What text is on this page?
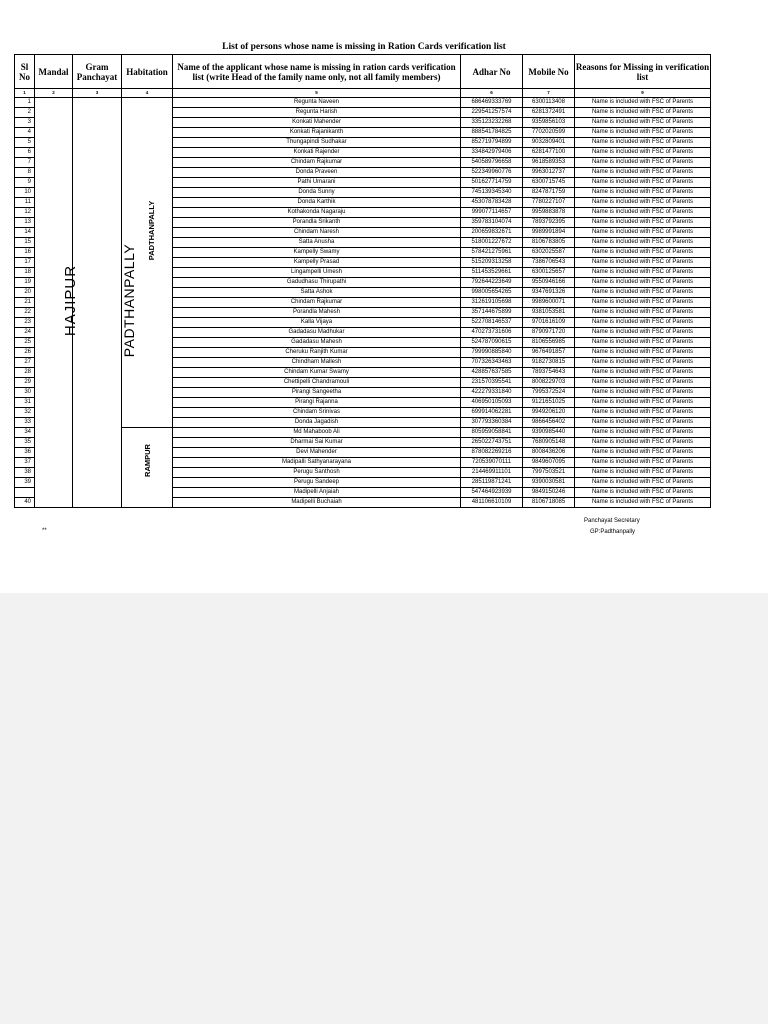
List of persons whose name is missing in Ration Cards verification list
Sl No	Mandal	Gram Panchayat	Habitation	Name of the applicant whose name is missing in ration cards verification list (write Head of the family name only, not all family members)	Adhar No	Mobile No	Reasons for Missing in verification list
1	2	3	4	5	6	7	9
1	HAJIPUR	PADTHANPALLY	PADTHANPALLY	Regunta Naveen	686469333769	6300113408	Name is included with FSC of Parents
2				Regunta Harish	229541257574	6281372491	Name is included with FSC of Parents
3				Konkati Mahender	335123232268	9359856103	Name is included with FSC of Parents
4				Konkati Rajanikanth	888541784825	7702020599	Name is included with FSC of Parents
5				Thungapindi Sudhakar	852719794899	9032809401	Name is included with FSC of Parents
6				Konkati Rajender	334842979406	6281477100	Name is included with FSC of Parents
7				Chindam Rajkumar	540589796658	9618589353	Name is included with FSC of Parents
8				Donda Praveen	522349960776	9963012737	Name is included with FSC of Parents
9				Pathi Umarani	501627714759	6300715745	Name is included with FSC of Parents
10				Donda Sunny	745139345340	8247871759	Name is included with FSC of Parents
11				Donda Karthik	453078783428	7780227107	Name is included with FSC of Parents
12				Kothakonda Nagaraju	999077114657	9959883878	Name is included with FSC of Parents
13				Porandla Srikanth	359783104074	7893792395	Name is included with FSC of Parents
14				Chindam Naresh	200659832671	9989991894	Name is included with FSC of Parents
15				Satta Anusha	518001227672	8106783805	Name is included with FSC of Parents
16				Kampelly Swamy	578421275961	6302025587	Name is included with FSC of Parents
17				Kampelly Prasad	515209313258	7386706543	Name is included with FSC of Parents
18				Lingampelli Umesh	511453529661	6300125657	Name is included with FSC of Parents
19				Gadudhasu Thirupathi	792644223649	9550946166	Name is included with FSC of Parents
20				Satta Ashok	998005654265	9347691326	Name is included with FSC of Parents
21				Chindam Rajkumar	312619105698	9989600071	Name is included with FSC of Parents
22				Porandla Mahesh	357144675899	9381053581	Name is included with FSC of Parents
23				Kalla Vijaya	522708146537	9701616109	Name is included with FSC of Parents
24				Gadadasu Madhukar	470273731606	8790971720	Name is included with FSC of Parents
25				Gadadasu Mahesh	524787090615	8106556985	Name is included with FSC of Parents
26				Cheruku Ranjith Kumar	799990885840	9676491857	Name is included with FSC of Parents
27				Chindham Mallesh	707326343463	9182730815	Name is included with FSC of Parents
28				Chindam Kumar Swamy	428857637585	7893754643	Name is included with FSC of Parents
29				Chettipelli Chandramouli	231570395541	8008229703	Name is included with FSC of Parents
30				Pirangi Sangeetha	422279331840	7995372524	Name is included with FSC of Parents
31				Pirangi Rajanna	406950105093	9121651025	Name is included with FSC of Parents
32				Chindam Srinivas	699914062281	9949206120	Name is included with FSC of Parents
33				Donda Jagadish	307793360384	9866456402	Name is included with FSC of Parents
34			RAMPUR	Md Mahaboob Ali	805959058841	9390985440	Name is included with FSC of Parents
35				Dharmai Sai Kumar	265022743751	7680905148	Name is included with FSC of Parents
36				Devi Mahender	878082269216	8008436206	Name is included with FSC of Parents
37				Madipalli Sathyanarayana	720539070111	9849607095	Name is included with FSC of Parents
38				Perugu Santhosh	214469911101	7997503521	Name is included with FSC of Parents
39				Perugu Sandeep	285119871241	9390030581	Name is included with FSC of Parents
				Madipelli Anjaiah	547464923939	9849150246	Name is included with FSC of Parents
40				Madipelli Buchaiah	481106610109	8106718085	Name is included with FSC of Parents
Panchayat Secretary
GP:Padthanpally
**
